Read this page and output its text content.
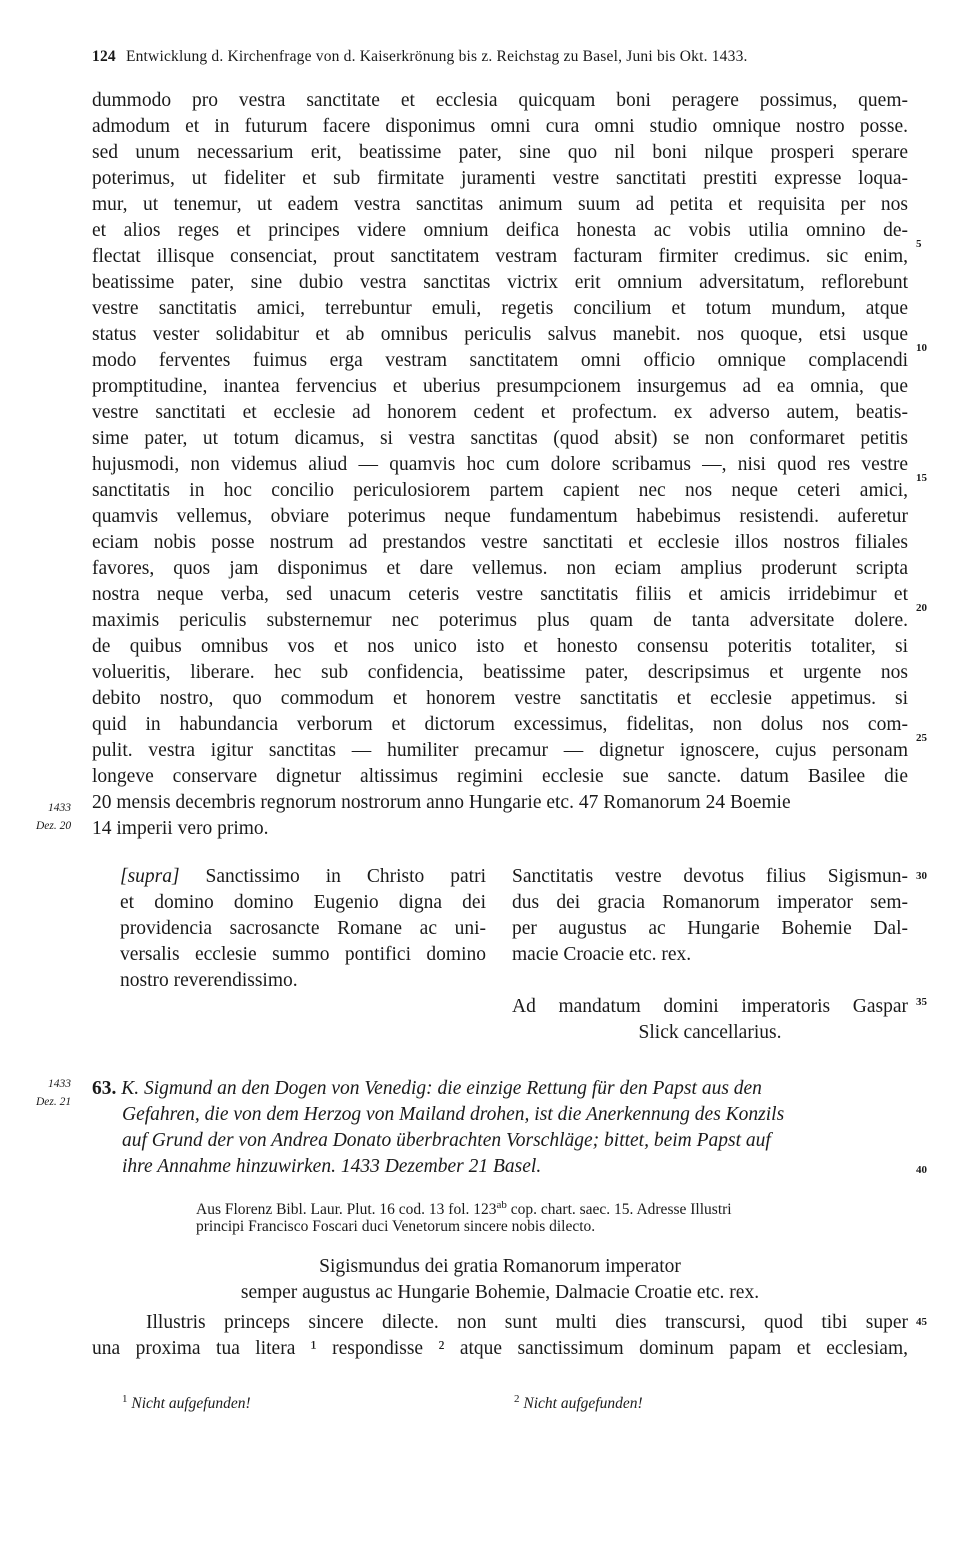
124 Entwicklung d. Kirchenfrage von d. Kaiserkrönung bis z. Reichstag zu Basel, Juni bis Okt. 1433.
dummodo pro vestra sanctitate et ecclesia quicquam boni peragere possimus, quem-
admodum et in futurum facere disponimus omni cura omni studio omnique nostro posse.
sed unum necessarium erit, beatissime pater, sine quo nil boni nilque prosperi sperare
poterimus, ut fideliter et sub firmitate juramenti vestre sanctitati prestiti expresse loqua-
mur, ut tenemur, ut eadem vestra sanctitas animum suum ad petita et requisita per nos
et alios reges et principes videre omnium deifica honesta ac vobis utilia omnino de-
flectat illisque consenciat, prout sanctitatem vestram facturam firmiter credimus. sic enim,
beatissime pater, sine dubio vestra sanctitas victrix erit omnium adversitatum, reflorebunt
vestre sanctitatis amici, terrebuntur emuli, regetis concilium et totum mundum, atque
status vester solidabitur et ab omnibus periculis salvus manebit. nos quoque, etsi usque
modo ferventes fuimus erga vestram sanctitatem omni officio omnique complacendi
promptitudine, inantea fervencius et uberius presumpcionem insurgemus ad ea omnia, que
vestre sanctitati et ecclesie ad honorem cedent et profectum. ex adverso autem, beatis-
sime pater, ut totum dicamus, si vestra sanctitas (quod absit) se non conformaret petitis
hujusmodi, non videmus aliud — quamvis hoc cum dolore scribamus —, nisi quod res vestre
sanctitatis in hoc concilio periculosiorem partem capient nec nos neque ceteri amici,
quamvis vellemus, obviare poterimus neque fundamentum habebimus resistendi. auferetur
eciam nobis posse nostrum ad prestandos vestre sanctitati et ecclesie illos nostros filiales
favores, quos jam disponimus et dare vellemus. non eciam amplius proderunt scripta
nostra neque verba, sed unacum ceteris vestre sanctitatis filiis et amicis irridebimur et
maximis periculis substernemur nec poterimus plus quam de tanta adversitate dolere.
de quibus omnibus vos et nos unico isto et honesto consensu poteritis totaliter, si
volueritis, liberare. hec sub confidencia, beatissime pater, descripsimus et urgente nos
debito nostro, quo commodum et honorem vestre sanctitatis et ecclesie appetimus. si
quid in habundancia verborum et dictorum excessimus, fidelitas, non dolus nos com-
pulit. vestra igitur sanctitas — humiliter precamur — dignetur ignoscere, cujus personam
longeve conservare dignetur altissimus regimini ecclesie sue sancte. datum Basilee die
20 mensis decembris regnorum nostrorum anno Hungarie etc. 47 Romanorum 24 Boemie
14 imperii vero primo.
5
10
15
20
25
30
35
40
45
1433
Dez. 20
1433
Dez. 21
[supra] Sanctissimo in Christo patri
et domino domino Eugenio digna dei
providencia sacrosancte Romane ac uni-
versalis ecclesie summo pontifici domino
nostro reverendissimo.
Sanctitatis vestre devotus filius Sigismun-
dus dei gracia Romanorum imperator sem-
per augustus ac Hungarie Bohemie Dal-
macie Croacie etc. rex.
Ad mandatum domini imperatoris Gaspar
Slick cancellarius.
63. K. Sigmund an den Dogen von Venedig: die einzige Rettung für den Papst aus den
Gefahren, die von dem Herzog von Mailand drohen, ist die Anerkennung des Konzils
auf Grund der von Andrea Donato überbrachten Vorschläge; bittet, beim Papst auf
ihre Annahme hinzuwirken. 1433 Dezember 21 Basel.
Aus Florenz Bibl. Laur. Plut. 16 cod. 13 fol. $123^{ab}$ cop. chart. saec. 15. Adresse Illustri
principi Francisco Foscari duci Venetorum sincere nobis dilecto.
Sigismundus dei gratia Romanorum imperator
semper augustus ac Hungarie Bohemie, Dalmacie Croatie etc. rex.
Illustris princeps sincere dilecte. non sunt multi dies transcursi, quod tibi super
una proxima tua litera ¹ respondisse ² atque sanctissimum dominum papam et ecclesiam,
$^1$ Nicht aufgefunden!	$^2$ Nicht aufgefunden!
